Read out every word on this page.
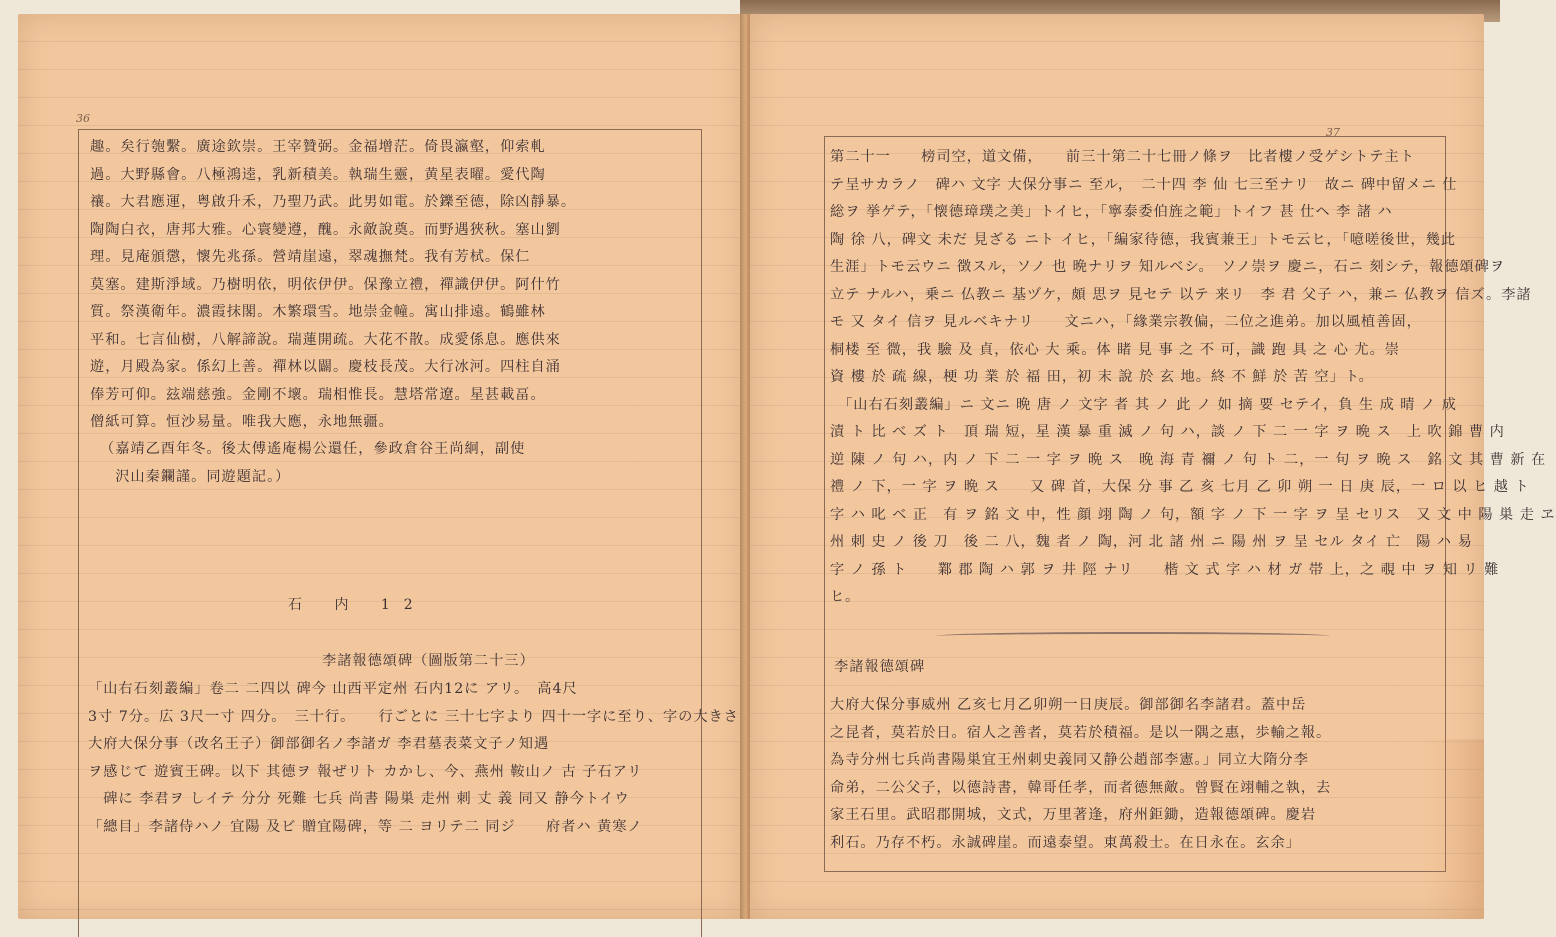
36
趣。矣行匏繫。廣途欽崇。王宰贊弼。金福增茫。倚畏瀛壑，仰索軋
過。大野縣會。八極鴻逵，乳新積美。執瑞生靈，黄星表曜。愛代陶
禳。大君應運，粤啟升禾，乃聖乃武。此男如電。於鑠至德，除凶靜暴。
陶陶白衣，唐邦大雅。心寰變遵，醜。永敵說奠。而野遇狹秋。塞山劉
理。見庵頒懲，懷先兆孫。營靖崖遠，翠魂撫梵。我有芳栻。保仁
莫塞。建斯淨域。乃樹明依，明依伊伊。保豫立禮，禪識伊伊。阿什竹
質。祭漢衛年。濃霞抹閣。木繁環雪。地崇金幢。寓山排遠。鶴雖林
平和。七言仙樹，八解諦說。瑞蓮開疏。大花不散。成愛係息。應供來
遊，月殿為家。係幻上善。禪林以闢。慶枝長茂。大行冰河。四柱自涌
俸芳可仰。玆端慈強。金剛不壞。瑞相惟長。慧塔常遼。星甚載畐。
僧紙可算。恒沙易量。唯我大應，永地無疆。
（嘉靖乙酉年冬。後太傅遙庵楊公還任，參政倉谷王尚絅，副使
　沢山秦鑭謹。同遊題記。）
石 内 12
李諸報德頌碑（圖版第二十三）
「山右石刻叢編」卷二 二四以 碑今 山西平定州 石内12に アリ。　高4尺
3寸 7分。広 3尺一寸 四分。　三十行。　　行ごとに 三十七字より 四十一字に至り、字の大きさ
大府大保分事（改名王子）御部御名ノ李諸ガ 李君墓表菜文子ノ知遇
ヲ感じて 遊賓王碑。以下 其德ヲ 報ぜリト カかし、今、燕州 鞍山ノ 古 子石アリ
　碑に 李君ヲ しイテ 分分 死難 七兵 尚書 陽巣 走州 刺 丈 義 同又 静今トイウ
「總目」李諸侍ハノ 宜陽 及ビ 贈宜陽碑，等 二 ヨリテ二 同ジ　　府者ハ 黄寒ノ
37
第二十一　　榜司空，道文備，　　前三十第二十七冊ノ條ヲ　比者樓ノ受ゲシトテ主ト
テ呈サカラノ　碑ハ 文字 大保分事ニ 至ル，　二十四 李 仙 七三至ナリ　故ニ 碑中留メニ 仕
総ヲ 挙ゲテ，「懐德璋璞之美」トイヒ，「寧泰委伯旌之範」トイフ 甚 仕ヘ 李 諸 ハ
陶 徐 八，碑文 未だ 見ざる ニト イヒ，「編家待德，我賓兼王」トモ云ヒ，「噫嗟後世，幾此
生涯」トモ云ウニ 徴スル，ソノ 也 晩ナリヲ 知ルベシ。　ソノ崇ヲ 慶ニ，石ニ 刻シテ，報德頌碑ヲ
立テ ナルハ，乗ニ 仏教ニ 基ヅケ，頗 思ヲ 見セテ 以テ 来リ　李 君 父子 ハ，兼ニ 仏教ヲ 信ズ。李諸
モ 又 タイ 信ヲ 見ルベキナリ　　文ニハ，「緣業宗教偏，二位之進弟。加以風植善固，
桐楼 至 微，我 驗 及 貞，依心 大 乘。体 睹 見 事 之 不 可，識 跑 具 之 心 尤。崇
資 樓 於 疏 線，梗 功 業 於 福 田，初 末 說 於 玄 地。終 不 鮮 於 苦 空」ト。
　「山右石刻叢編」ニ 文ニ 晩 唐 ノ 文字 者 其 ノ 此 ノ 如 摘 要 セテイ，負 生 成 晴 ノ 成
漬 ト 比 べ ズ ト　頂 瑞 短，星 漢 暴 重 滅 ノ 句 ハ，談 ノ 下 二 一 字 ヲ 晩 ス　上 吹 錦 曹 内
逆 陳 ノ 句 ハ，内 ノ 下 二 一 字 ヲ 晩 ス　晚 海 青 禰 ノ 句 ト 二，一 句 ヲ 晩 ス　銘 文 其 曹 新 在
禮 ノ 下，一 字 ヲ 晩 ス　　又 碑 首，大保 分 事 乙 亥 七月 乙 卯 朔 一 日 庚 辰，一 ロ 以 ヒ 越 ト
字 ハ 叱 ベ 正　有 ヲ 銘 文 中，性 顔 翊 陶 ノ 句，額 字 ノ 下 一 字 ヲ 呈 セリス　又 文 中 陽 巣 走 ヱ
州 刺 史 ノ 後 刀　後 二 八，魏 者 ノ 陶，河 北 諸 州 ニ 陽 州 ヲ 呈 セル タイ 亡　陽 ハ 易
字 ノ 孫 ト　　鄴 郡 陶 ハ 郭 ヲ 井 陘 ナリ　　楷 文 式 字 ハ 材 ガ 帯 上，之 覗 中 ヲ 知 リ 難
ヒ。
李諸報德頌碑
大府大保分事威州 乙亥七月乙卯朔一日庚辰。御部御名李諸君。蓋中岳
之昆者，莫若於日。宿人之善者，莫若於積福。是以一隅之惠，歩輸之報。
為寺分州七兵尚書陽巣宜王州刺史義同又静公趙部李憲。」同立大隋分李
命弟，二公父子，以德詩書，韓哥任孝，而者德無敵。曾賢在翊輔之執，去
家王石里。武昭郡開城，文式，万里著逢，府州鉅鋤，造報德頌碑。慶岩
利石。乃存不朽。永誠碑崖。而遠泰望。東萬殺士。在日永在。玄余」
